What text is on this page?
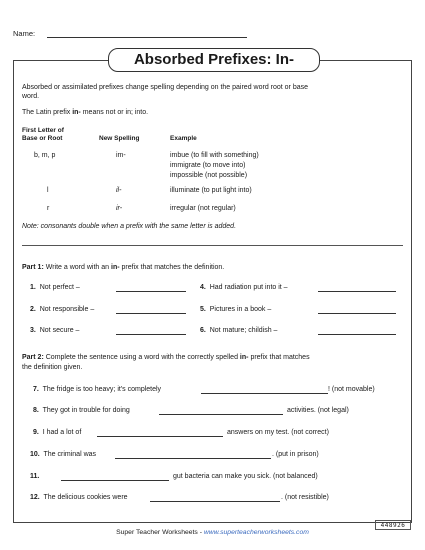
Name:
Absorbed Prefixes: In-
Absorbed or assimilated prefixes change spelling depending on the paired word root or base
word.
The Latin prefix in- means not or in; into.
First Letter of
Base or Root	New Spelling	Example
b, m, p	im-	imbue (to fill with something)
immigrate (to move into)
impossible (not possible)
l	il-	illuminate (to put light into)
r	ir-	irregular (not regular)
Note: consonants double when a prefix with the same letter is added.
Part 1: Write a word with an in- prefix that matches the definition.
1. Not perfect –
2. Not responsible –
3. Not secure –
4. Had radiation put into it –
5. Pictures in a book –
6. Not mature; childish –
Part 2: Complete the sentence using a word with the correctly spelled in- prefix that matches
the definition given.
7. The fridge is too heavy; it's completely	! (not movable)
8. They got in trouble for doing	activities. (not legal)
9. I had a lot of	answers on my test. (not correct)
10. The criminal was	. (put in prison)
11.	gut bacteria can make you sick. (not balanced)
12. The delicious cookies were	. (not resistible)
448926
Super Teacher Worksheets - www.superteacherworksheets.com
